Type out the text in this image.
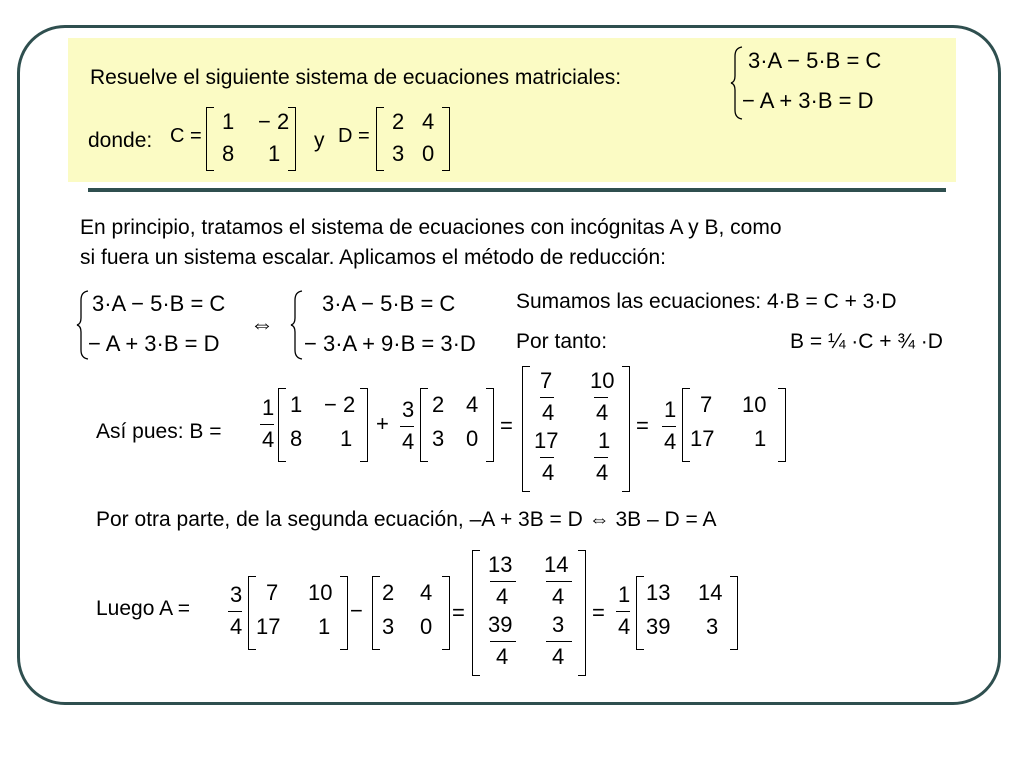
Resuelve el siguiente sistema de ecuaciones matriciales:
3·A − 5·B = C
− A + 3·B = D
donde: C =
1 − 2
8 1
y D =
2 4
3 0
En principio, tratamos el sistema de ecuaciones con incógnitas A y B, como
si fuera un sistema escalar. Aplicamos el método de reducción:
3·A − 5·B = C
− A + 3·B = D
⇔
3·A − 5·B = C
− 3·A + 9·B = 3·D
Sumamos las ecuaciones: 4·B = C + 3·D
Por tanto:	B = ¼ ·C + ¾ ·D
Así pues: B =
1
4
1 − 2
8 1
+
3
4
2 4
3 0
=
7
4
10
4
17
4
1
4
=
1
4
7 10
17 1
Por otra parte, de la segunda ecuación, –A + 3B = D ⇔ 3B – D = A
Luego A =
3
4
7 10
17 1
−
2 4
3 0
=
13
4
14
4
39
4
3
4
=
1
4
13 14
39 3
